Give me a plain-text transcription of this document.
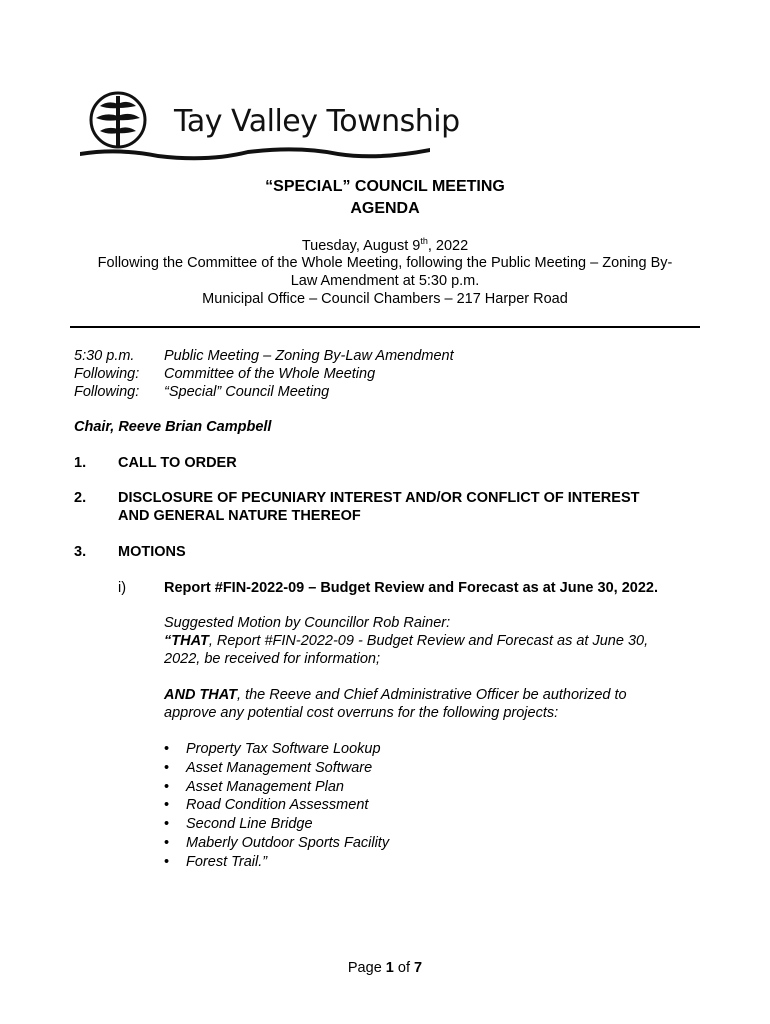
Tay Valley Township
“SPECIAL” COUNCIL MEETING
AGENDA
Tuesday, August 9th, 2022
Following the Committee of the Whole Meeting, following the Public Meeting – Zoning By-
Law Amendment at 5:30 p.m.
Municipal Office – Council Chambers – 217 Harper Road
5:30 p.m. Public Meeting – Zoning By-Law Amendment
Following: Committee of the Whole Meeting
Following: “Special” Council Meeting
Chair, Reeve Brian Campbell
1. CALL TO ORDER
2. DISCLOSURE OF PECUNIARY INTEREST AND/OR CONFLICT OF INTEREST
AND GENERAL NATURE THEREOF
3. MOTIONS
i)	Report #FIN-2022-09 – Budget Review and Forecast as at June 30, 2022.
Suggested Motion by Councillor Rob Rainer:
“THAT, Report #FIN-2022-09 - Budget Review and Forecast as at June 30,
2022, be received for information;
AND THAT, the Reeve and Chief Administrative Officer be authorized to
approve any potential cost overruns for the following projects:
• Property Tax Software Lookup
• Asset Management Software
• Asset Management Plan
• Road Condition Assessment
• Second Line Bridge
• Maberly Outdoor Sports Facility
• Forest Trail.”
Page 1 of 7
